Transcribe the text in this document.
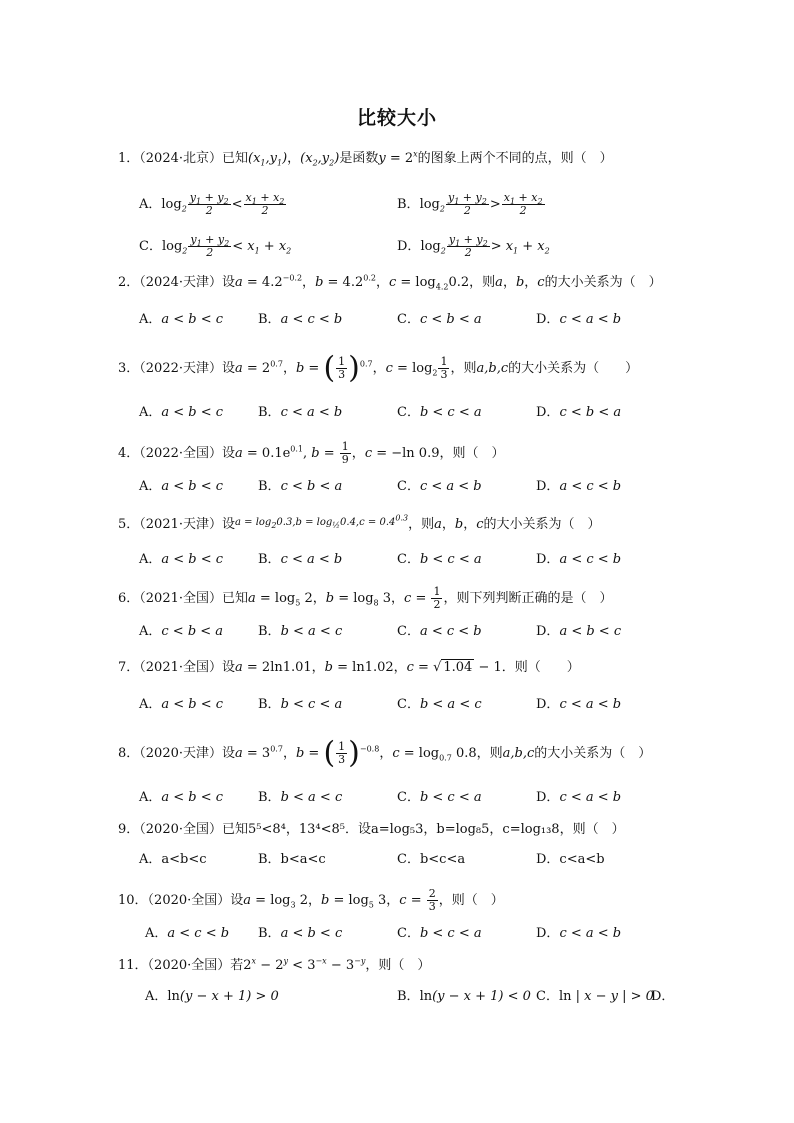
比较大小
1．（2024·北京）已知$(x_1,y_1)$，$(x_2,y_2)$是函数$y = 2^x$的图象上两个不同的点，则（　）
A．$\log_2 \frac{y_1 + y_2}{2} < \frac{x_1 + x_2}{2}$	B．$\log_2 \frac{y_1 + y_2}{2} > \frac{x_1 + x_2}{2}$
C．$\log_2 \frac{y_1 + y_2}{2} < x_1 + x_2$	D．$\log_2 \frac{y_1 + y_2}{2} > x_1 + x_2$
2．（2024·天津）设$a = 4.2^{-0.2}$，$b = 4.2^{0.2}$，$c = \log_{4.2}0.2$，则a，b，c的大小关系为（　）
A．a < b < c	B．a < c < b	C．c < b < a	D．c < a < b
3．（2022·天津）设$a = 2^{0.7}$，b = ( $\frac{1}{3} )^{0.7}$，$c = \log_2 \frac{1}{3}$ ，则a,b,c的大小关系为（　　）
A．a < b < c	B．c < a < b	C．b < c < a	D．c < b < a
4．（2022·全国）设$a = 0.1e^{0.1}$, $b = \frac{1}{9}$ ，c = −ln 0.9，则（　）
A．a < b < c	B．c < b < a	C．c < a < b	D．a < c < b
5．（2021·天津）设$^{a = log_20.3,b = log_{\frac{1}{2}}0.4,c = 0.4^{0.3}}$，则a，b，c的大小关系为（　）
A．a < b < c	B．c < a < b	C．b < c < a	D．a < c < b
6．（2021·全国）已知$a = \log_5 2$，$b = \log_8 3$，$c = \frac{1}{2}$ ，则下列判断正确的是（　）
A．c < b < a	B．b < a < c	C．a < c < b	D．a < b < c
7．（2021·全国）设a = 2ln1.01，b = ln1.02，c = √ 1.04 − 1．则（　　）
A．a < b < c	B．b < c < a	C．b < a < c	D．c < a < b
8．（2020·天津）设$a = 3^{0.7}$，b = ( $\frac{1}{3} )^{-0.8}$，$c = \log_{0.7} 0.8$，则a,b,c的大小关系为（　）
A．a < b < c	B．b < a < c	C．b < c < a	D．c < a < b
9．（2020·全国）已知5⁵<8⁴，13⁴<8⁵．设a=log₅3，b=log₈5，c=log₁₃8，则（　）
A．a<b<c	B．b<a<c	C．b<c<a	D．c<a<b
10．（2020·全国）设$a = \log_3 2$，$b = \log_5 3$，$c = \frac{2}{3}$ ，则（　）
A．a < c < b B．a < b < c	C．b < c < a	D．c < a < b
11．（2020·全国）若$2^x - 2^y < 3^{-x} - 3^{-y}$，则（　）
A．ln(y − x + 1) > 0	B．ln(y − x + 1) < 0 C．ln | x − y | > 0
D．
